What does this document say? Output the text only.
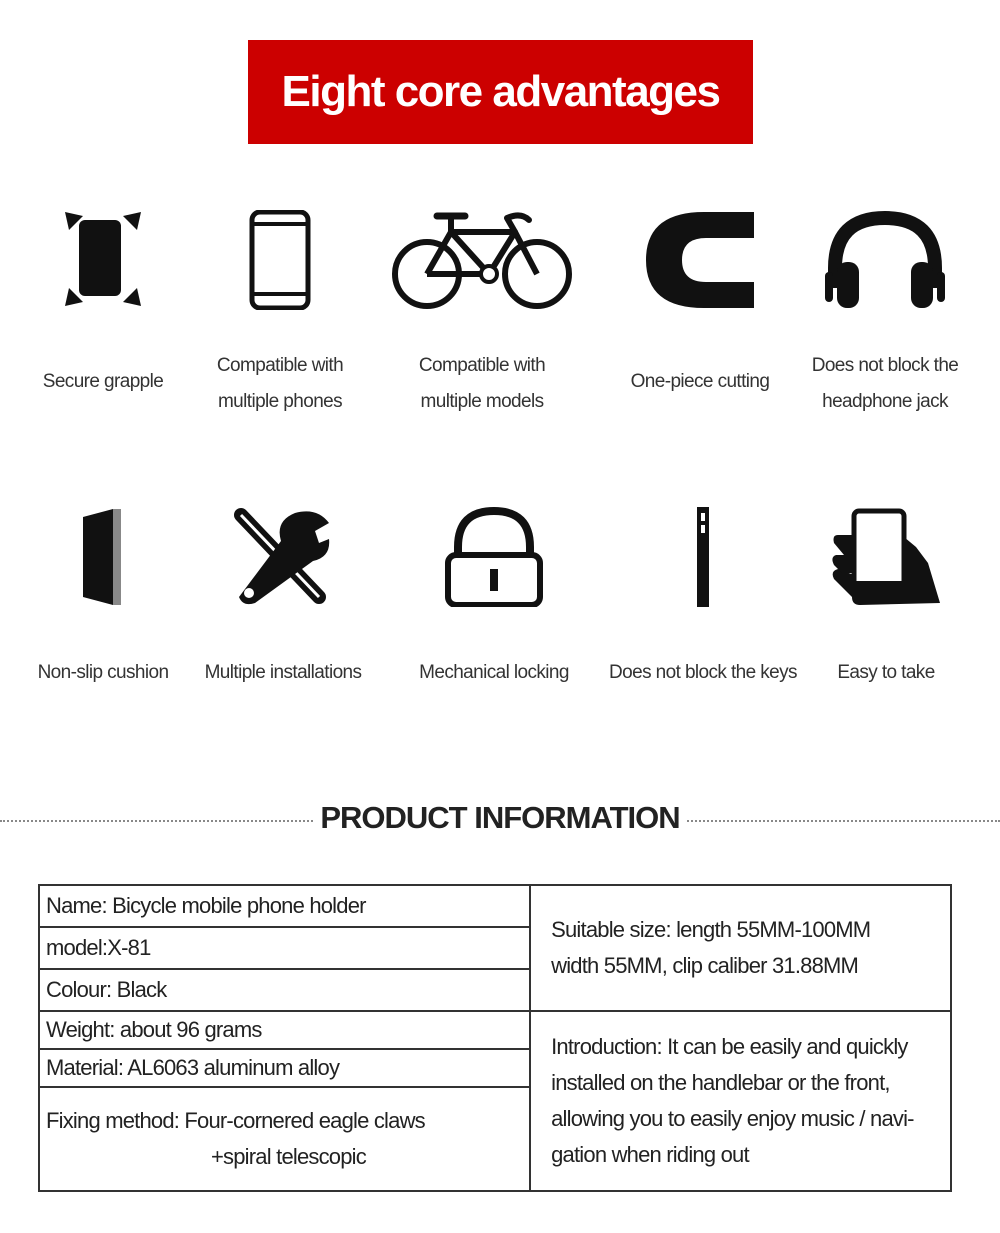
Eight core advantages
Secure grapple
Compatible with
multiple phones
Compatible with
multiple models
One-piece cutting
Does not block the
headphone jack
Non-slip cushion	Multiple installations	Mechanical locking	Does not block the keys	Easy to take
PRODUCT INFORMATION
Name: Bicycle mobile phone holder	Suitable size: length 55MM-100MM
width 55MM, clip caliber 31.88MM

model:X-81	
Colour: Black	
Weight: about 96 grams	Introduction: It can be easily and quickly
installed on the handlebar or the front,
allowing you to easily enjoy music / navi-
gation when riding out

Material: AL6063 aluminum alloy	
Fixing method: Four-cornered eagle claws
+spiral telescopic	
